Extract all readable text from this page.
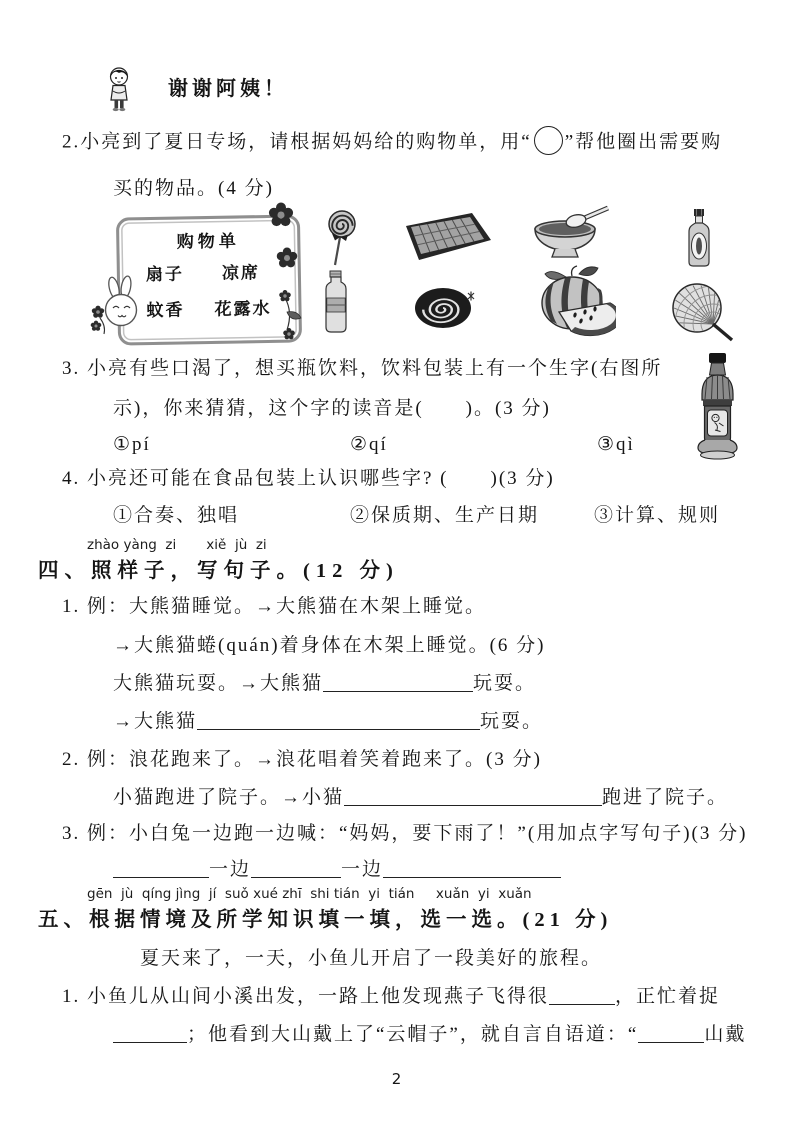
谢谢阿姨！
2.小亮到了夏日专场，请根据妈妈给的购物单，用“ ”帮他圈出需要购
买的物品。(4 分)
购物单
扇子 凉席
蚊香 花露水
3. 小亮有些口渴了，想买瓶饮料，饮料包装上有一个生字(右图所
示)，你来猜猜，这个字的读音是(　　)。(3 分)
①pí	②qí	③qì
4. 小亮还可能在食品包装上认识哪些字? (　　)(3 分)
①合奏、独唱	②保质期、生产日期	③计算、规则
zhào yàng  zi       xiě  jù  zi
四、照样子，写句子。(12 分)
1. 例：大熊猫睡觉。→大熊猫在木架上睡觉。
→大熊猫蜷(quán)着身体在木架上睡觉。(6 分)
大熊猫玩耍。→大熊猫	玩耍。
→大熊猫	玩耍。
2. 例：浪花跑来了。→浪花唱着笑着跑来了。(3 分)
小猫跑进了院子。→小猫	跑进了院子。
3. 例：小白兔一边跑一边喊：“妈妈，要下雨了！”(用加点字写句子)(3 分)
一边	一边
gēn  jù  qíng jìng  jí  suǒ xué zhī  shi tián  yi  tián     xuǎn  yi  xuǎn
五、根据情境及所学知识填一填，选一选。(21 分)
夏天来了，一天，小鱼儿开启了一段美好的旅程。
1. 小鱼儿从山间小溪出发，一路上他发现燕子飞得很	，正忙着捉
；他看到大山戴上了“云帽子”，就自言自语道：“	山戴
2
